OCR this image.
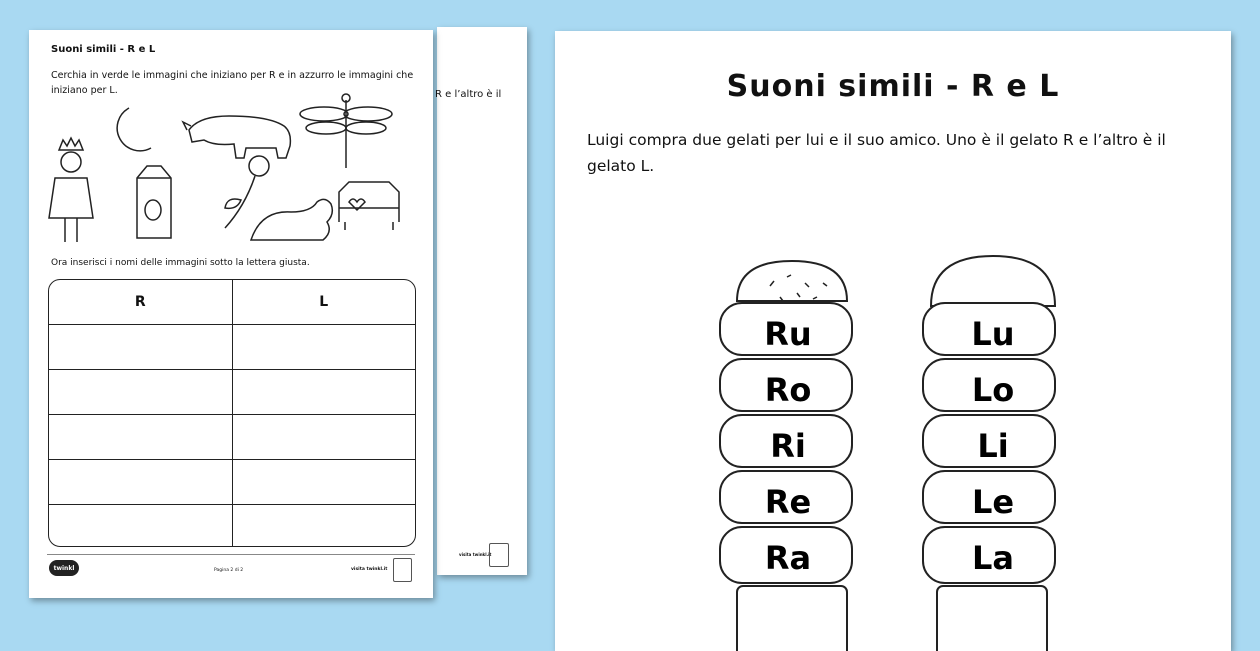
R e l’altro è il
visita twinkl.it
Suoni simili - R e L
Cerchia in verde le immagini che iniziano per R e in azzurro le immagini che iniziano per L.
Ora inserisci i nomi delle immagini sotto la lettera giusta.
R	L
twinkl	Pagina 2 di 2	visita twinkl.it
Suoni simili - R e L
Luigi compra due gelati per lui e il suo amico. Uno è il gelato R e l’altro è il gelato L.
Ru
Ro
Ri
Re
Ra
Lu
Lo
Li
Le
La
